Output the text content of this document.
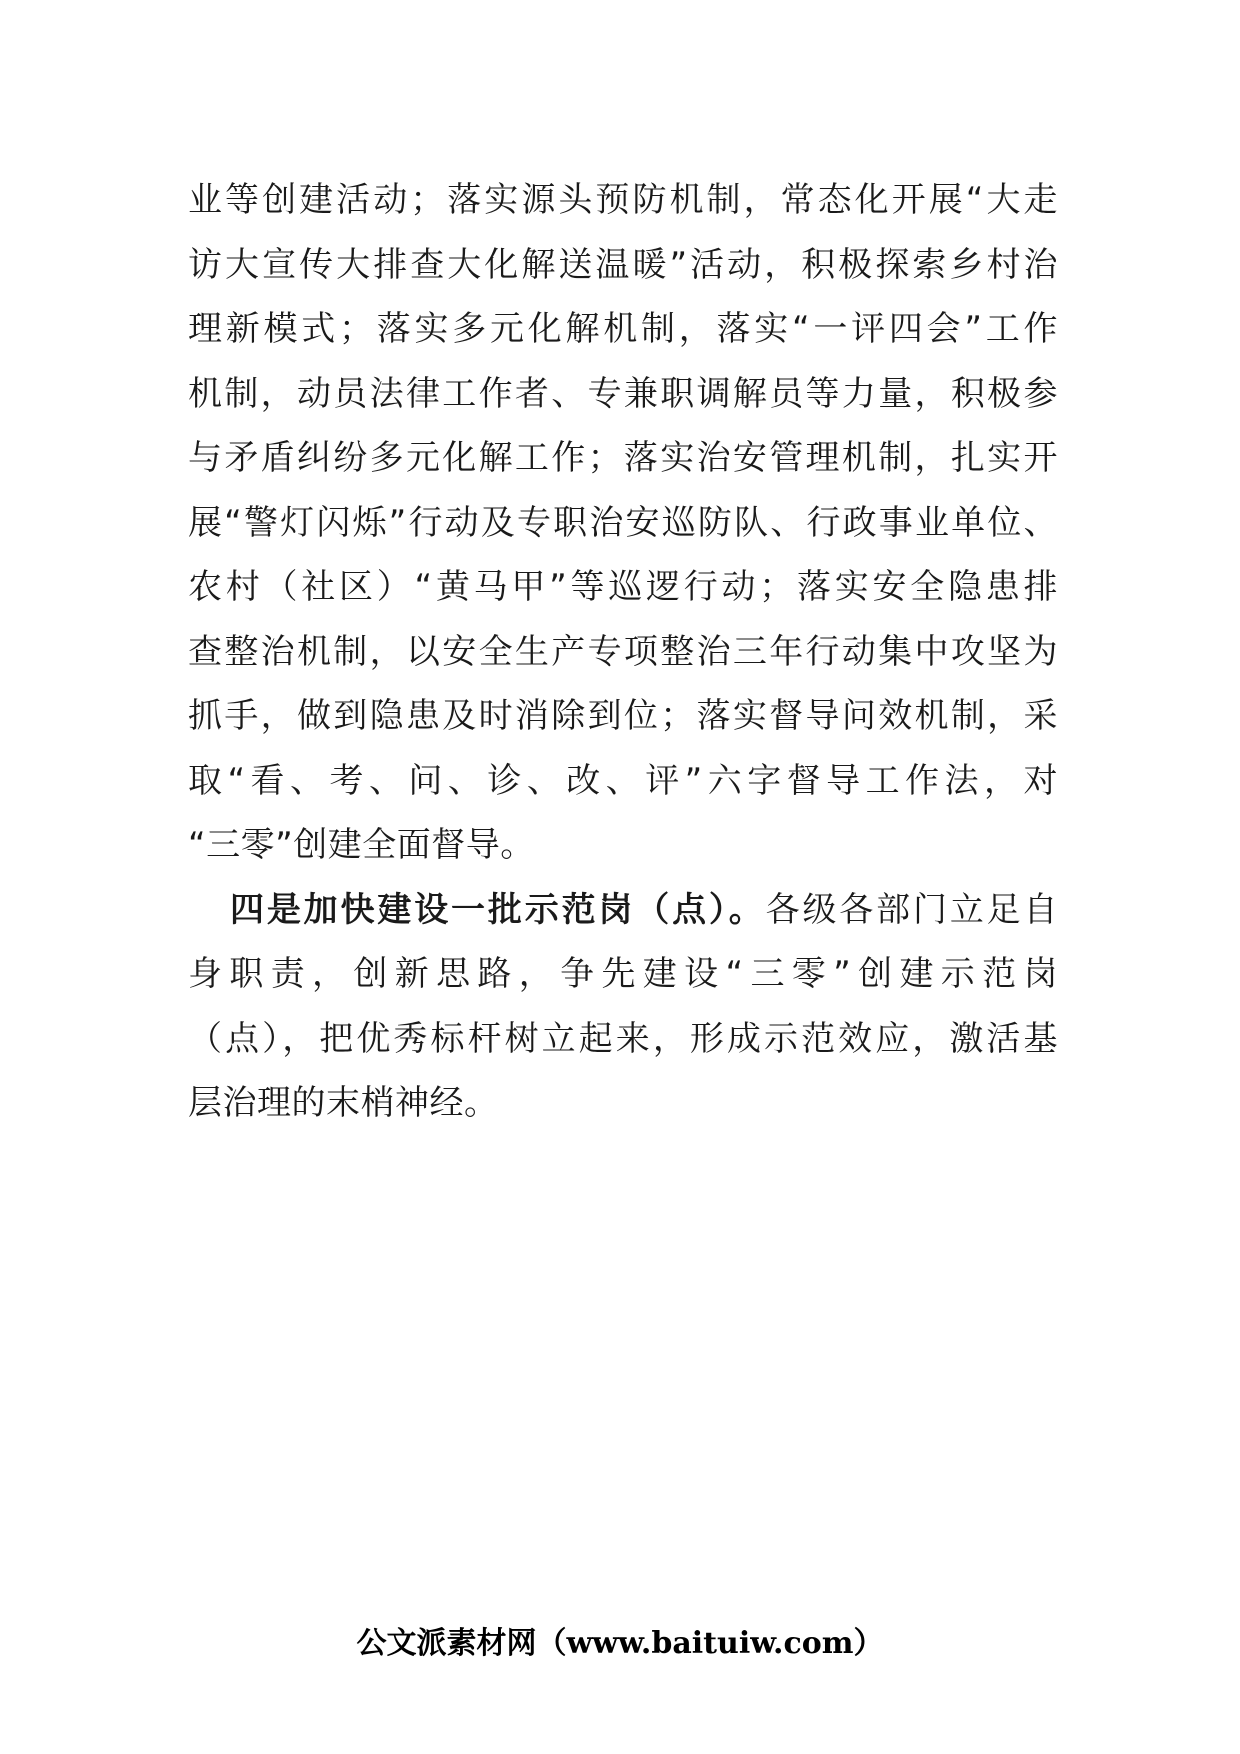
业等创建活动；落实源头预防机制，常态化开展“大走
访大宣传大排查大化解送温暖”活动，积极探索乡村治
理新模式；落实多元化解机制，落实“一评四会”工作
机制，动员法律工作者、专兼职调解员等力量，积极参
与矛盾纠纷多元化解工作；落实治安管理机制，扎实开
展“警灯闪烁”行动及专职治安巡防队、行政事业单位、
农村（社区）“黄马甲”等巡逻行动；落实安全隐患排
查整治机制，以安全生产专项整治三年行动集中攻坚为
抓手，做到隐患及时消除到位；落实督导问效机制，采
取“看、考、问、诊、改、评”六字督导工作法，对
“三零”创建全面督导。
四是加快建设一批示范岗（点）。各级各部门立足自
身职责，创新思路，争先建设“三零”创建示范岗
（点），把优秀标杆树立起来，形成示范效应，激活基
层治理的末梢神经。
公文派素材网（www.baituiw.com）
